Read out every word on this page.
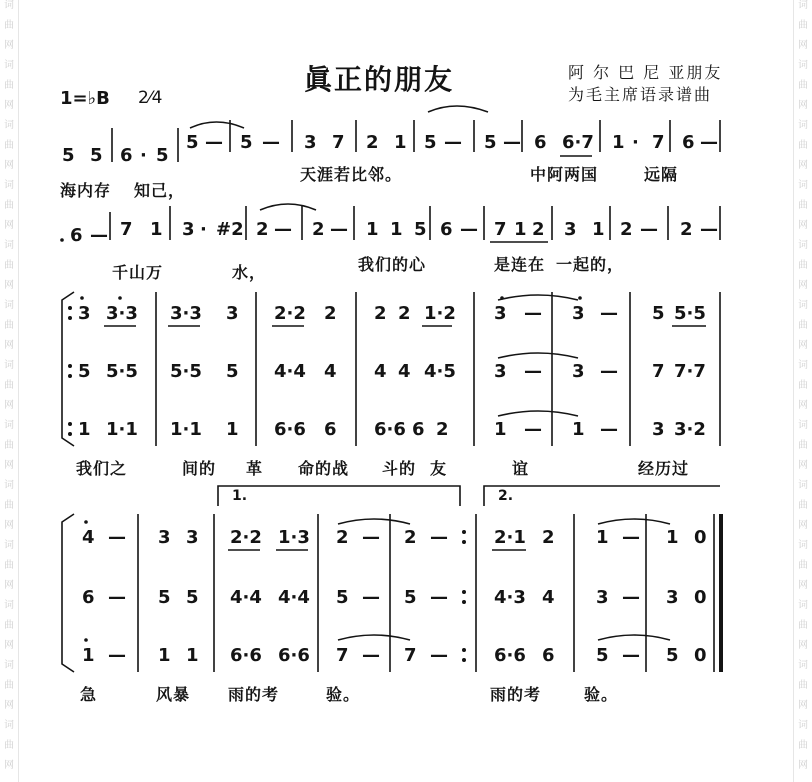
词
曲
网
词
曲
网
词
曲
网
词
曲
网
词
曲
网
词
曲
网
词
曲
网
词
曲
网
词
曲
网
词
曲
网
词
曲
网
词
曲
网
词
曲
网
词
曲
网
词
曲
网
词
曲
网
词
曲
网
词
曲
网
词
曲
网
词
曲
网
词
曲
网
词
曲
网
词
曲
网
词
曲
网
词
曲
网
词
曲
网
眞正的朋友	阿 尔 巴 尼 亚朋友
为毛主席语录谱曲
1=♭B 2⁄4
5 5 6 · 5
5 — 5 — 3 7 2 1 5 — 5 — 6 6·7 1 · 7 6 —
海内存 知己，
天涯若比邻。	中阿两国	远隔
6 — 7 1 3 · #2 2 — 2 — 1 1 5 6 — 7 1 2 3 1 2 — 2 —
千山万	水，	我们的心	是连在 一起的，
3 3·3 3·3 3 2·2 2 2 2 1·2 3 — 3 — 5 5·5
5 5·5 5·5 5 4·4 4 4 4 4·5 3 — 3 — 7 7·7
1 1·1 1·1 1 6·6 6 6·6 6 2	1 — 1 — 3 3·2
我们之	间的 革 命的战 斗的 友	谊	经历过
1.	2.
4 — 3 3 2·2 1·3 2 — 2 —	2·1 2 1 — 1 0
6 — 5 5 4·4 4·4 5 — 5 —	4·3 4 3 — 3 0
1 — 1 1 6·6 6·6 7 — 7 —	6·6 6 5 — 5 0
急	风暴 雨的考	验。	雨的考	验。
